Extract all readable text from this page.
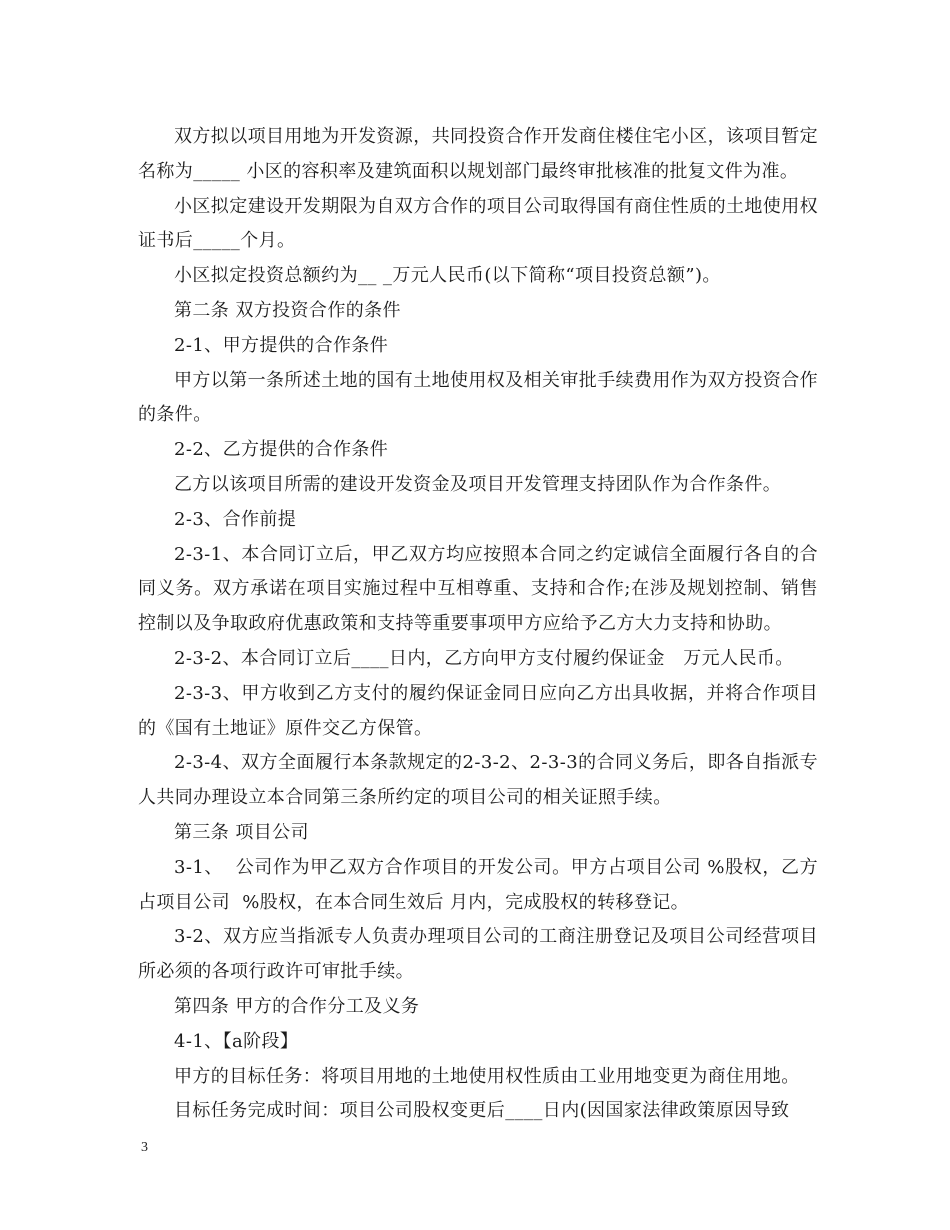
双方拟以项目用地为开发资源，共同投资合作开发商住楼住宅小区，该项目暂定名称为_____ 小区的容积率及建筑面积以规划部门最终审批核准的批复文件为准。

小区拟定建设开发期限为自双方合作的项目公司取得国有商住性质的土地使用权证书后_____个月。

小区拟定投资总额约为__ _万元人民币(以下简称“项目投资总额”)。

第二条 双方投资合作的条件

2-1、甲方提供的合作条件

甲方以第一条所述土地的国有土地使用权及相关审批手续费用作为双方投资合作的条件。

2-2、乙方提供的合作条件

乙方以该项目所需的建设开发资金及项目开发管理支持团队作为合作条件。

2-3、合作前提

2-3-1、本合同订立后，甲乙双方均应按照本合同之约定诚信全面履行各自的合同义务。双方承诺在项目实施过程中互相尊重、支持和合作;在涉及规划控制、销售控制以及争取政府优惠政策和支持等重要事项甲方应给予乙方大力支持和协助。

2-3-2、本合同订立后____日内，乙方向甲方支付履约保证金   万元人民币。

2-3-3、甲方收到乙方支付的履约保证金同日应向乙方出具收据，并将合作项目的《国有土地证》原件交乙方保管。

2-3-4、双方全面履行本条款规定的2-3-2、2-3-3的合同义务后，即各自指派专人共同办理设立本合同第三条所约定的项目公司的相关证照手续。

第三条 项目公司

3-1、  公司作为甲乙双方合作项目的开发公司。甲方占项目公司 %股权，乙方占项目公司  %股权，在本合同生效后 月内，完成股权的转移登记。

3-2、双方应当指派专人负责办理项目公司的工商注册登记及项目公司经营项目所必须的各项行政许可审批手续。

第四条 甲方的合作分工及义务

4-1、【a阶段】

甲方的目标任务：将项目用地的土地使用权性质由工业用地变更为商住用地。

目标任务完成时间：项目公司股权变更后____日内(因国家法律政策原因导致

3
